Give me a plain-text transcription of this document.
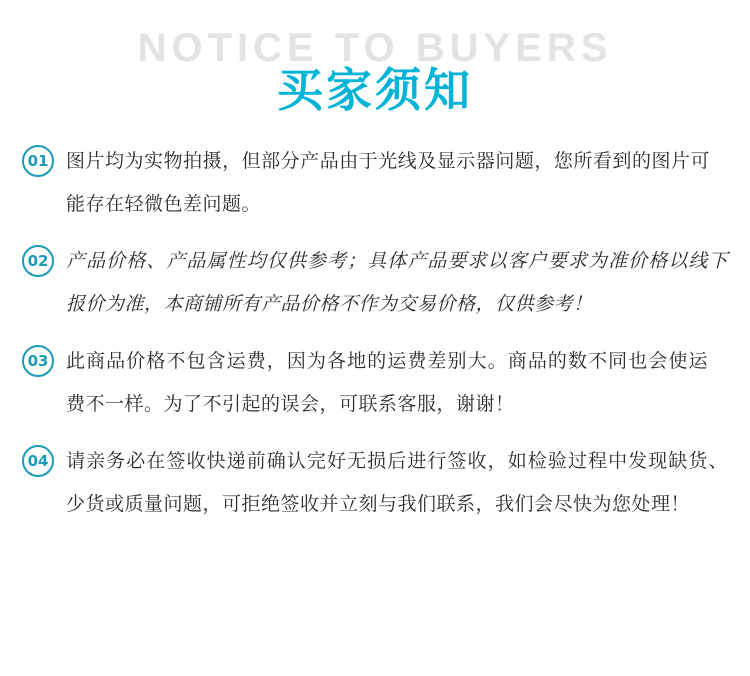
NOTICE TO BUYERS
买家须知
01 图片均为实物拍摄，但部分产品由于光线及显示器问题，您所看到的图片可能存在轻微色差问题。
02 产品价格、产品属性均仅供参考；具体产品要求以客户要求为准价格以线下报价为准，本商铺所有产品价格不作为交易价格，仅供参考！
03 此商品价格不包含运费，因为各地的运费差别大。商品的数不同也会使运费不一样。为了不引起的误会，可联系客服，谢谢！
04 请亲务必在签收快递前确认完好无损后进行签收，如检验过程中发现缺货、少货或质量问题，可拒绝签收并立刻与我们联系，我们会尽快为您处理！
